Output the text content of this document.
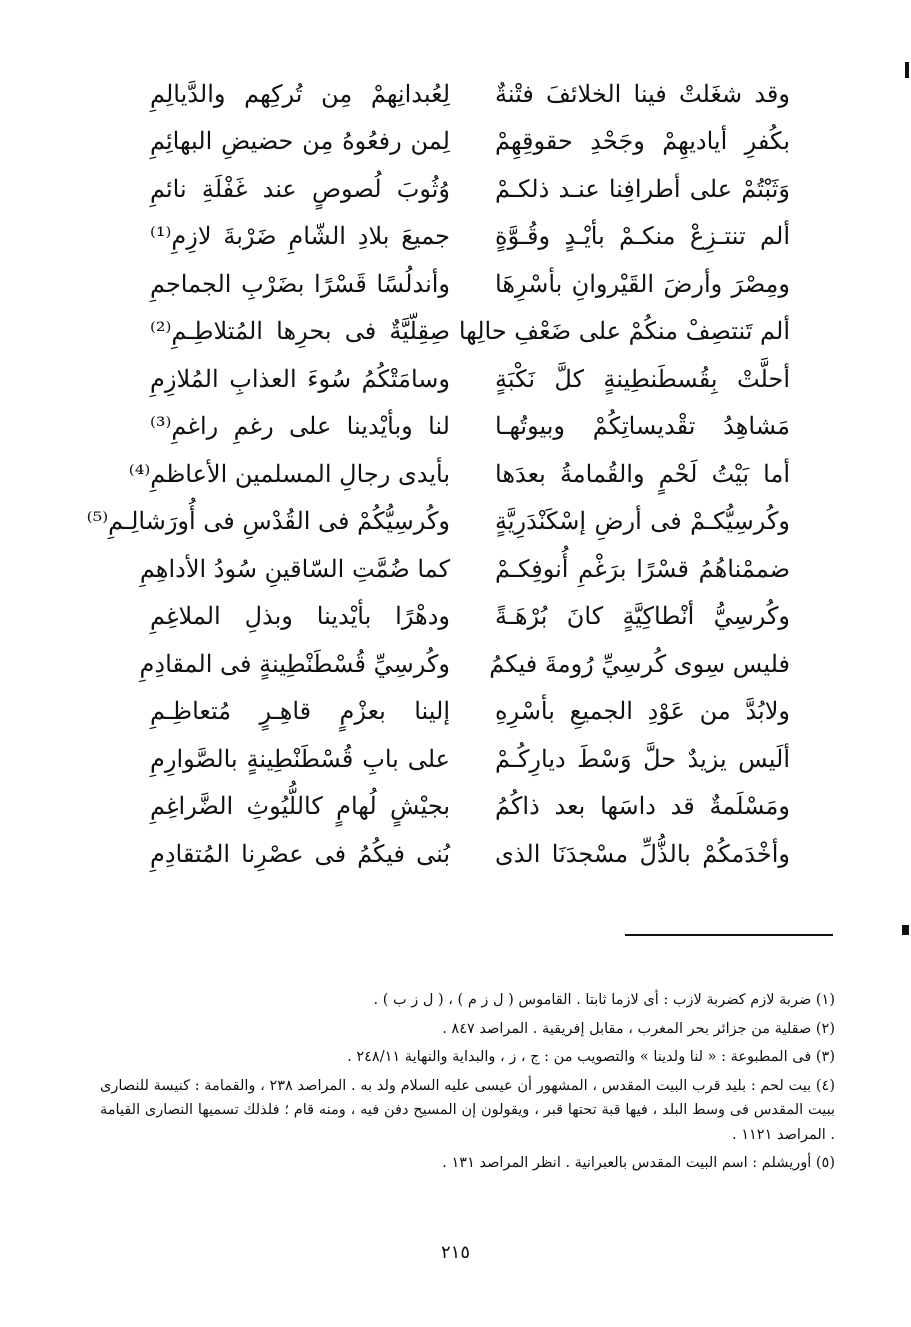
وقد شغَلتْ فينا الخلائفَ فتْنةٌ
لِعُبدانِهمْ مِن تُركِهم والدَّيالِمِ
بكُفرِ أياديهِمْ وجَحْدِ حقوقِهِمْ
لِمن رفعُوهُ مِن حضيضِ البهائِمِ
وَثَبْتُمْ على أطرافِنا عنـد ذلكـمْ
وُثُوبَ لُصوصٍ عند غَفْلَةِ نائمِ
ألم تنتـزِعْ منكـمْ بأيْـدٍ وقُـوَّةٍ
جميعَ بلادِ الشّامِ ضَرْبةَ لازِمِ⁽¹⁾
ومِصْرَ وأرضَ القَيْروانِ بأسْرِهَا
وأندلُسًا قَسْرًا بضَرْبِ الجماجمِ
ألم تَنتصِفْ منكُمْ على ضَعْفِ حالِها
صِقِلّيَّةٌ فى بحرِها المُتلاطِـمِ⁽²⁾
أحلَّتْ بِقُسطَنطِينةٍ كلَّ نَكْبَةٍ
وسامَتْكُمُ سُوءَ العذابِ المُلازِمِ
مَشاهِدُ تقْديساتِكُمْ وبيوتُهـا
لنا وبأيْدينا على رغمِ راغمِ⁽³⁾
أما بَيْتُ لَحْمٍ والقُمامةُ بعدَها
بأيدى رجالِ المسلمين الأعاظمِ⁽⁴⁾
وكُرسِيُّكـمْ فى أرضِ إسْكَنْدَرِيَّةٍ
وكُرسِيُّكُمْ فى القُدْسِ فى أُورَشالِـمِ⁽⁵⁾
ضممْناهُمُ قسْرًا برَغْمِ أُنوفِكـمْ
كما ضُمَّتِ السّاقينِ سُودُ الأداهِمِ
وكُرسِيُّ أنْطاكِيَّةٍ كانَ بُرْهَـةً
ودهْرًا بأيْدينا وبذلِ الملاغِمِ
فليس سِوى كُرسِيِّ رُومةَ فيكمُ
وكُرسِيِّ قُسْطَنْطِينةٍ فى المقادِمِ
ولابُدَّ من عَوْدِ الجميعِ بأسْرِهِ
إلينا بعزْمٍ قاهِـرٍ مُتعاظِـمِ
ألَيس يزيدٌ حلَّ وَسْطَ ديارِكُـمْ
على بابِ قُسْطَنْطِينةٍ بالصَّوارِمِ
ومَسْلَمةٌ قد داسَها بعد ذاكُمُ
بجيْشٍ لُهامٍ كاللُّيُوثِ الضَّراغِمِ
وأخْدَمكُمْ بالذُّلِّ مسْجدَنَا الذى
بُنى فيكُمُ فى عصْرِنا المُتقادِمِ

(١) ضربة لازم كضربة لازب : أى لازما ثابتا . القاموس ( ل ز م ) ، ( ل ز ب ) .

(٢) صقلية من جزائر بحر المغرب ، مقابل إفريقية . المراصد ٨٤٧ .

(٣) فى المطبوعة : « لنا ولدينا » والتصويب من : ج ، ز ، والبداية والنهاية ٢٤٨/١١ .

(٤) بيت لحم : بليد قرب البيت المقدس ، المشهور أن عيسى عليه السلام ولد به . المراصد ٢٣٨ ، والقمامة : كنيسة للنصارى ببيت المقدس فى وسط البلد ، فيها قبة تحتها قبر ، ويقولون إن المسيح دفن فيه ، ومنه قام ؛ فلذلك تسميها النصارى القيامة . المراصد ١١٢١ .

(٥) أوريشلم : اسم البيت المقدس بالعبرانية . انظر المراصد ١٣١ .

٢١٥
